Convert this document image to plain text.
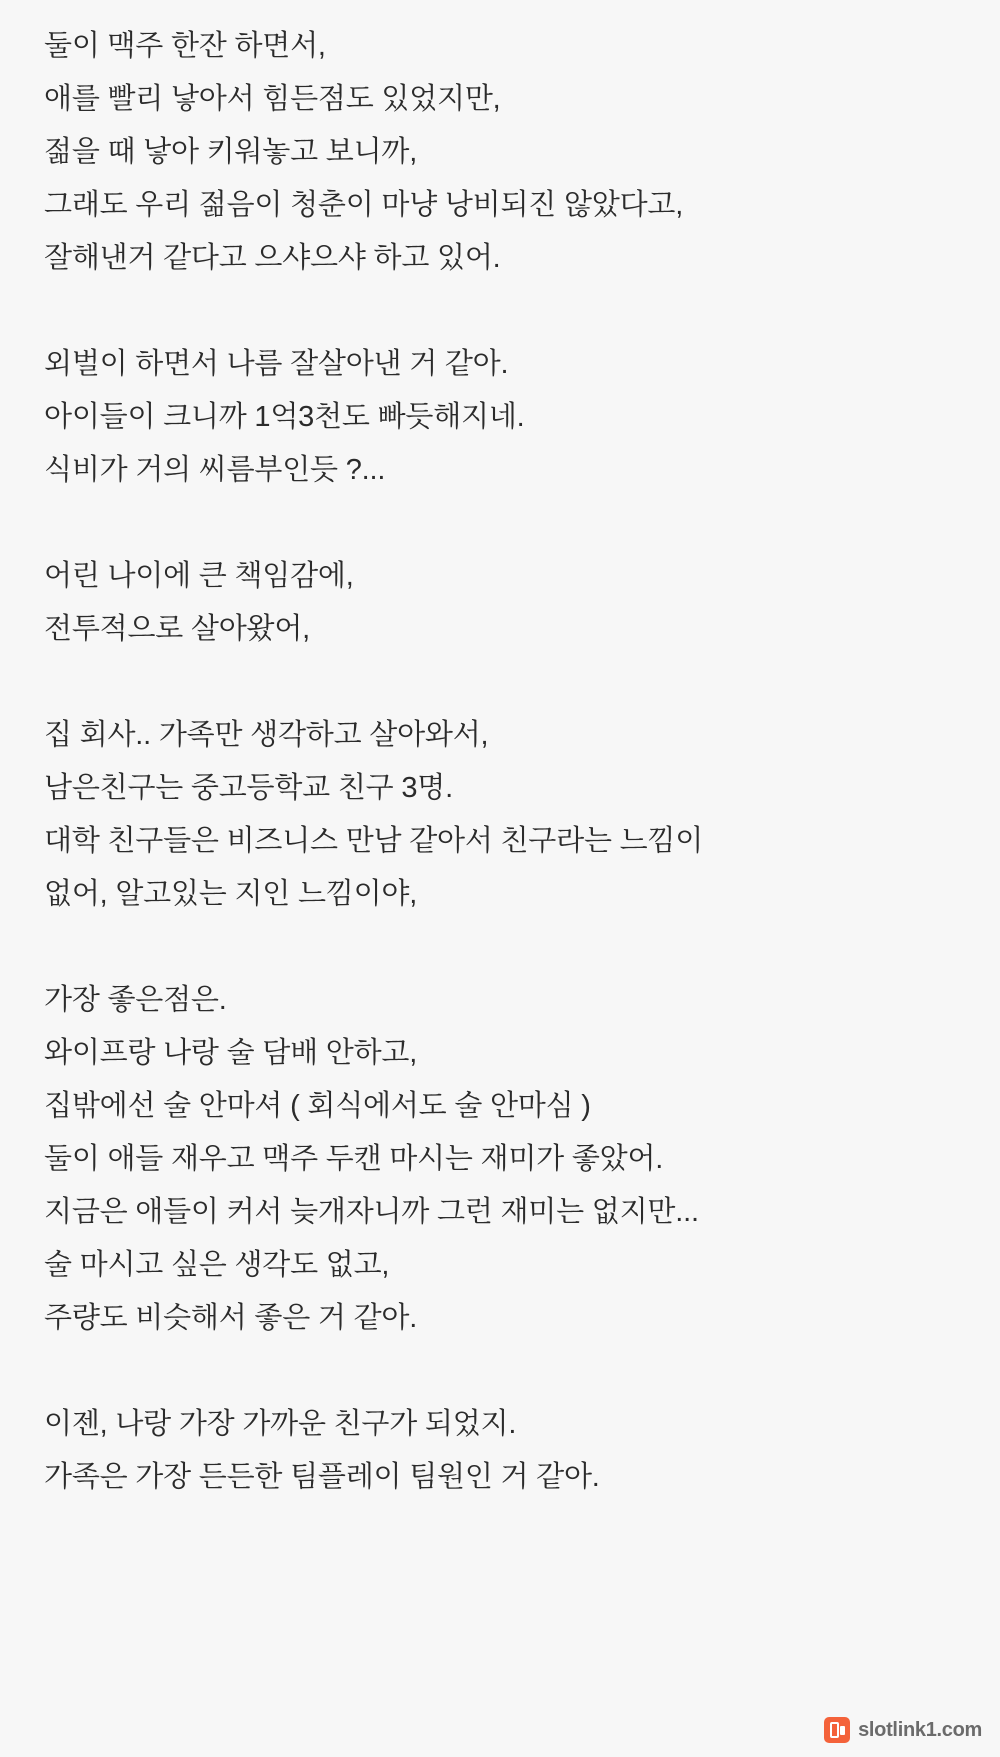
둘이 맥주 한잔 하면서,
애를 빨리 낳아서 힘든점도 있었지만,
젊을 때 낳아 키워놓고 보니까,
그래도 우리 젊음이 청춘이 마냥 낭비되진 않았다고,
잘해낸거 같다고 으샤으샤 하고 있어.
외벌이 하면서 나름 잘살아낸 거 같아.
아이들이 크니까 1억3천도 빠듯해지네.
식비가 거의 씨름부인듯 ?...
어린 나이에 큰 책임감에,
전투적으로 살아왔어,
집 회사.. 가족만 생각하고 살아와서,
남은친구는 중고등학교 친구 3명.
대학 친구들은 비즈니스 만남 같아서 친구라는 느낌이
없어, 알고있는 지인 느낌이야,
가장 좋은점은.
와이프랑 나랑 술 담배 안하고,
집밖에선 술 안마셔 ( 회식에서도 술 안마심 )
둘이 애들 재우고 맥주 두캔 마시는 재미가 좋았어.
지금은 애들이 커서 늦개자니까 그런 재미는 없지만...
술 마시고 싶은 생각도 없고,
주량도 비슷해서 좋은 거 같아.
이젠, 나랑 가장 가까운 친구가 되었지.
가족은 가장 든든한 팀플레이 팀원인 거 같아.
slotlink1.com
